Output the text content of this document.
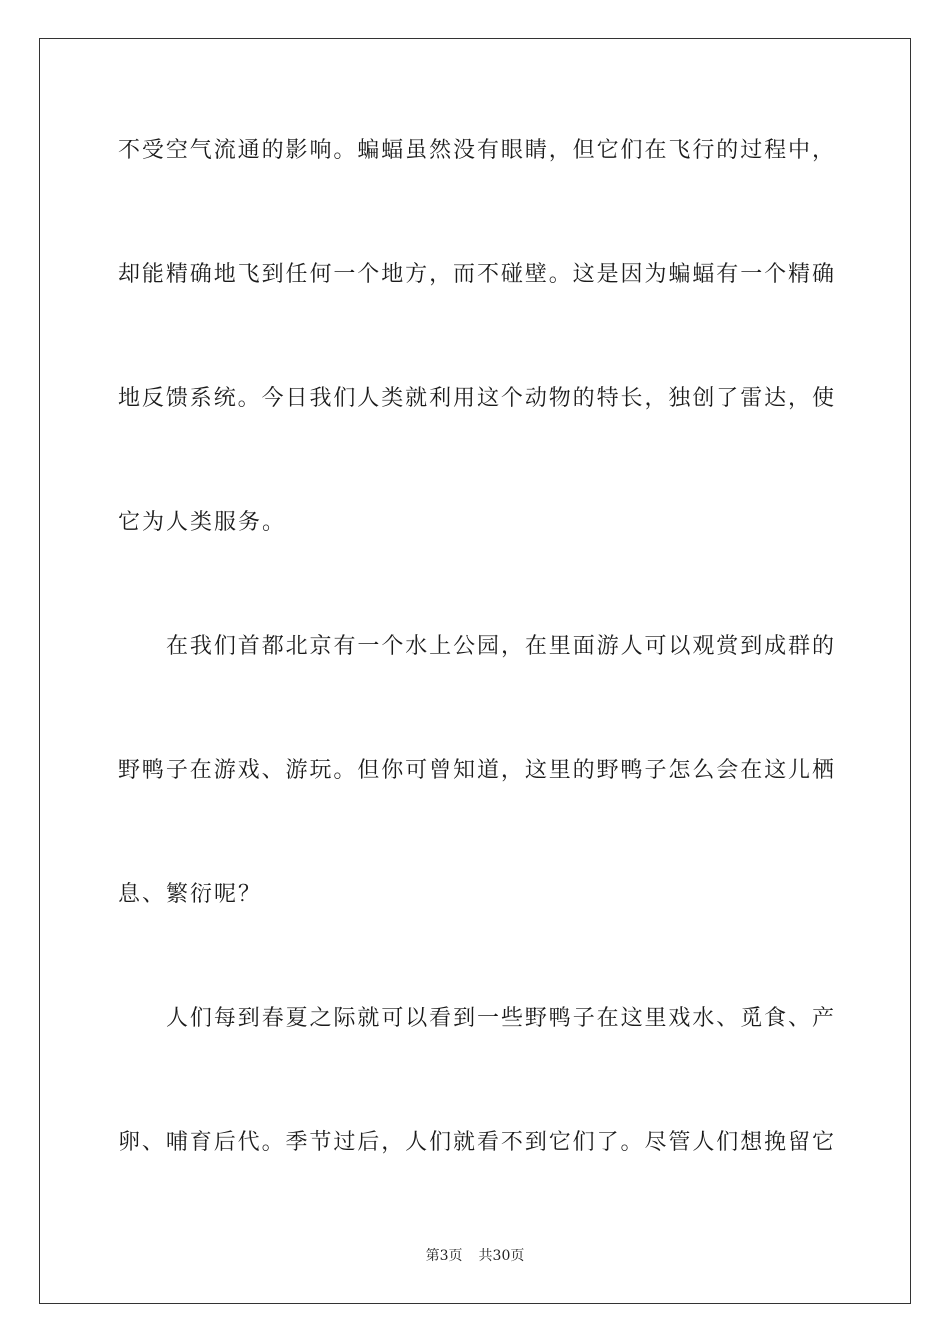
不受空气流通的影响。蝙蝠虽然没有眼睛，但它们在飞行的过程中，
却能精确地飞到任何一个地方，而不碰壁。这是因为蝙蝠有一个精确
地反馈系统。今日我们人类就利用这个动物的特长，独创了雷达，使
它为人类服务。
在我们首都北京有一个水上公园，在里面游人可以观赏到成群的
野鸭子在游戏、游玩。但你可曾知道，这里的野鸭子怎么会在这儿栖
息、繁衍呢？
人们每到春夏之际就可以看到一些野鸭子在这里戏水、觅食、产
卵、哺育后代。季节过后，人们就看不到它们了。尽管人们想挽留它
第3页 共30页
